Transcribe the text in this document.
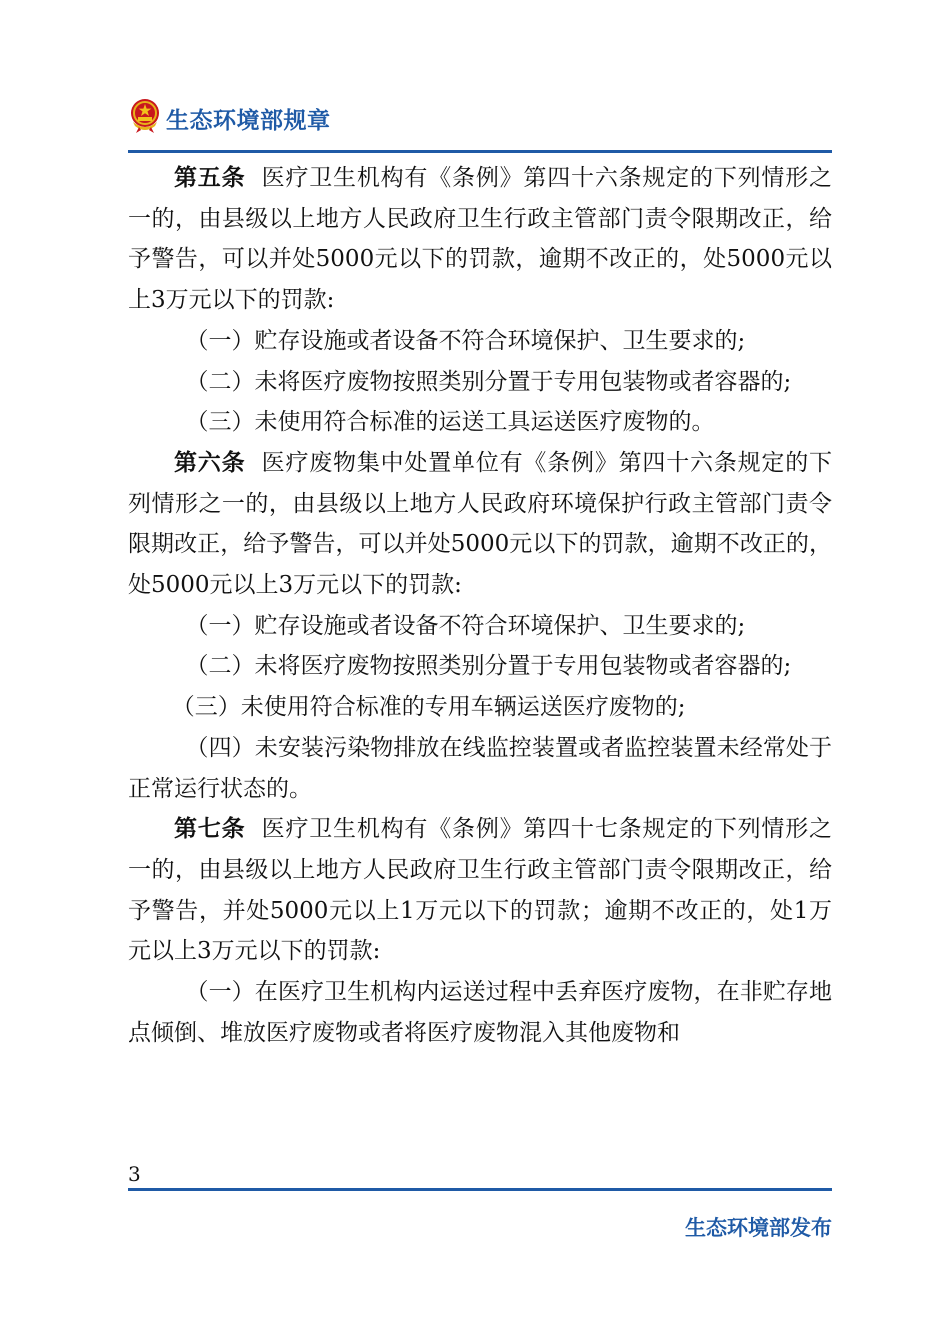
生态环境部规章

第五条 医疗卫生机构有《条例》第四十六条规定的下列情形之一的，由县级以上地方人民政府卫生行政主管部门责令限期改正，给予警告，可以并处5000元以下的罚款，逾期不改正的，处5000元以上3万元以下的罚款:

（一）贮存设施或者设备不符合环境保护、卫生要求的;

（二）未将医疗废物按照类别分置于专用包装物或者容器的;

（三）未使用符合标准的运送工具运送医疗废物的。

第六条 医疗废物集中处置单位有《条例》第四十六条规定的下列情形之一的，由县级以上地方人民政府环境保护行政主管部门责令限期改正，给予警告，可以并处5000元以下的罚款，逾期不改正的，处5000元以上3万元以下的罚款:

（一）贮存设施或者设备不符合环境保护、卫生要求的;

（二）未将医疗废物按照类别分置于专用包装物或者容器的;

（三）未使用符合标准的专用车辆运送医疗废物的;

（四）未安装污染物排放在线监控装置或者监控装置未经常处于正常运行状态的。

第七条 医疗卫生机构有《条例》第四十七条规定的下列情形之一的，由县级以上地方人民政府卫生行政主管部门责令限期改正，给予警告，并处5000元以上1万元以下的罚款；逾期不改正的，处1万元以上3万元以下的罚款:

（一）在医疗卫生机构内运送过程中丢弃医疗废物，在非贮存地点倾倒、堆放医疗废物或者将医疗废物混入其他废物和

3
生态环境部发布
